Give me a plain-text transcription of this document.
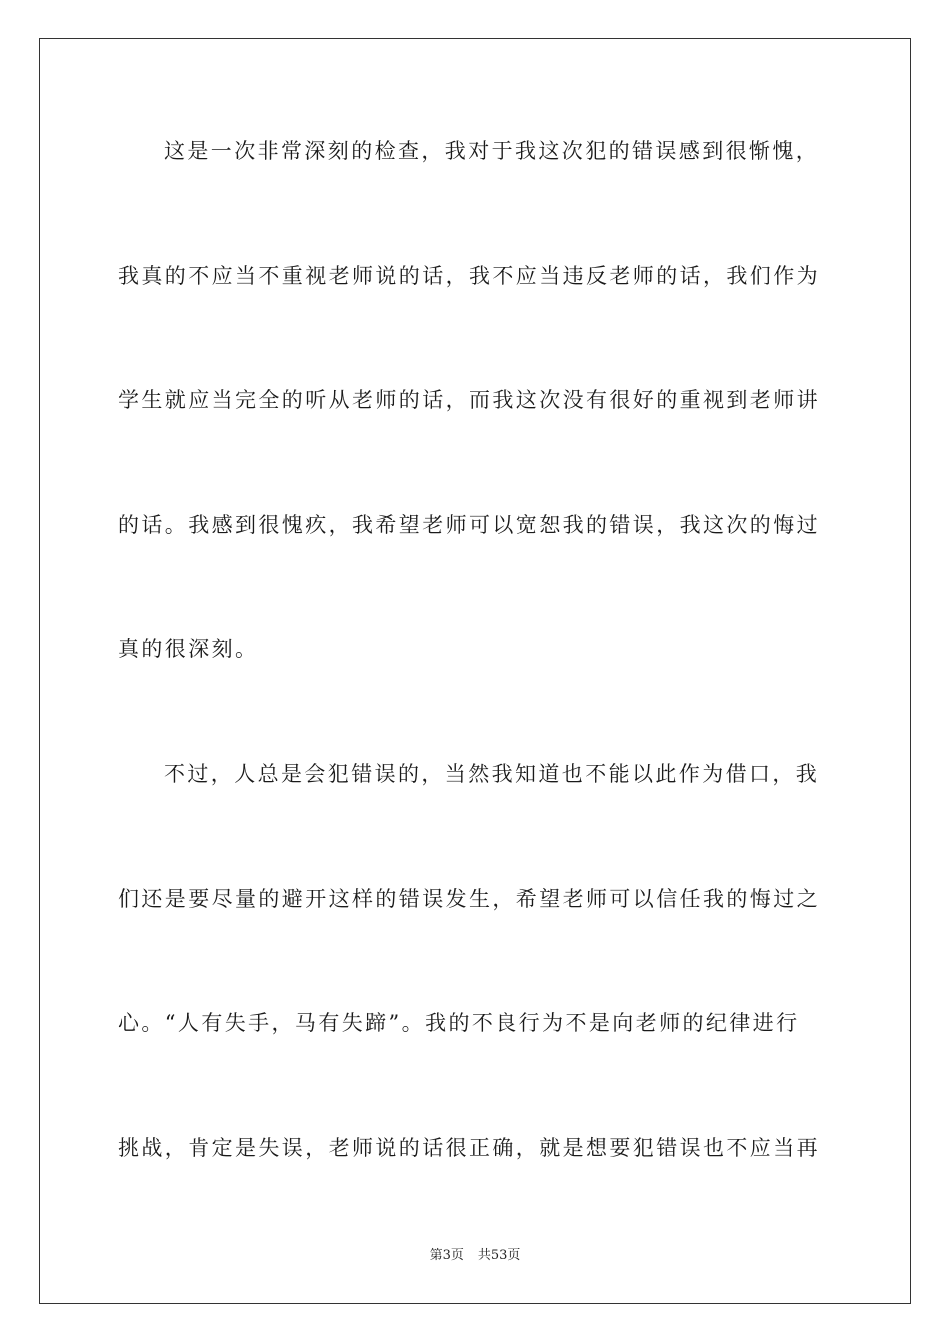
这是一次非常深刻的检查，我对于我这次犯的错误感到很惭愧，
我真的不应当不重视老师说的话，我不应当违反老师的话，我们作为
学生就应当完全的听从老师的话，而我这次没有很好的重视到老师讲
的话。我感到很愧疚，我希望老师可以宽恕我的错误，我这次的悔过
真的很深刻。
不过，人总是会犯错误的，当然我知道也不能以此作为借口，我
们还是要尽量的避开这样的错误发生，希望老师可以信任我的悔过之
心。“人有失手，马有失蹄”。我的不良行为不是向老师的纪律进行
挑战，肯定是失误，老师说的话很正确，就是想要犯错误也不应当再
第3页 共53页
